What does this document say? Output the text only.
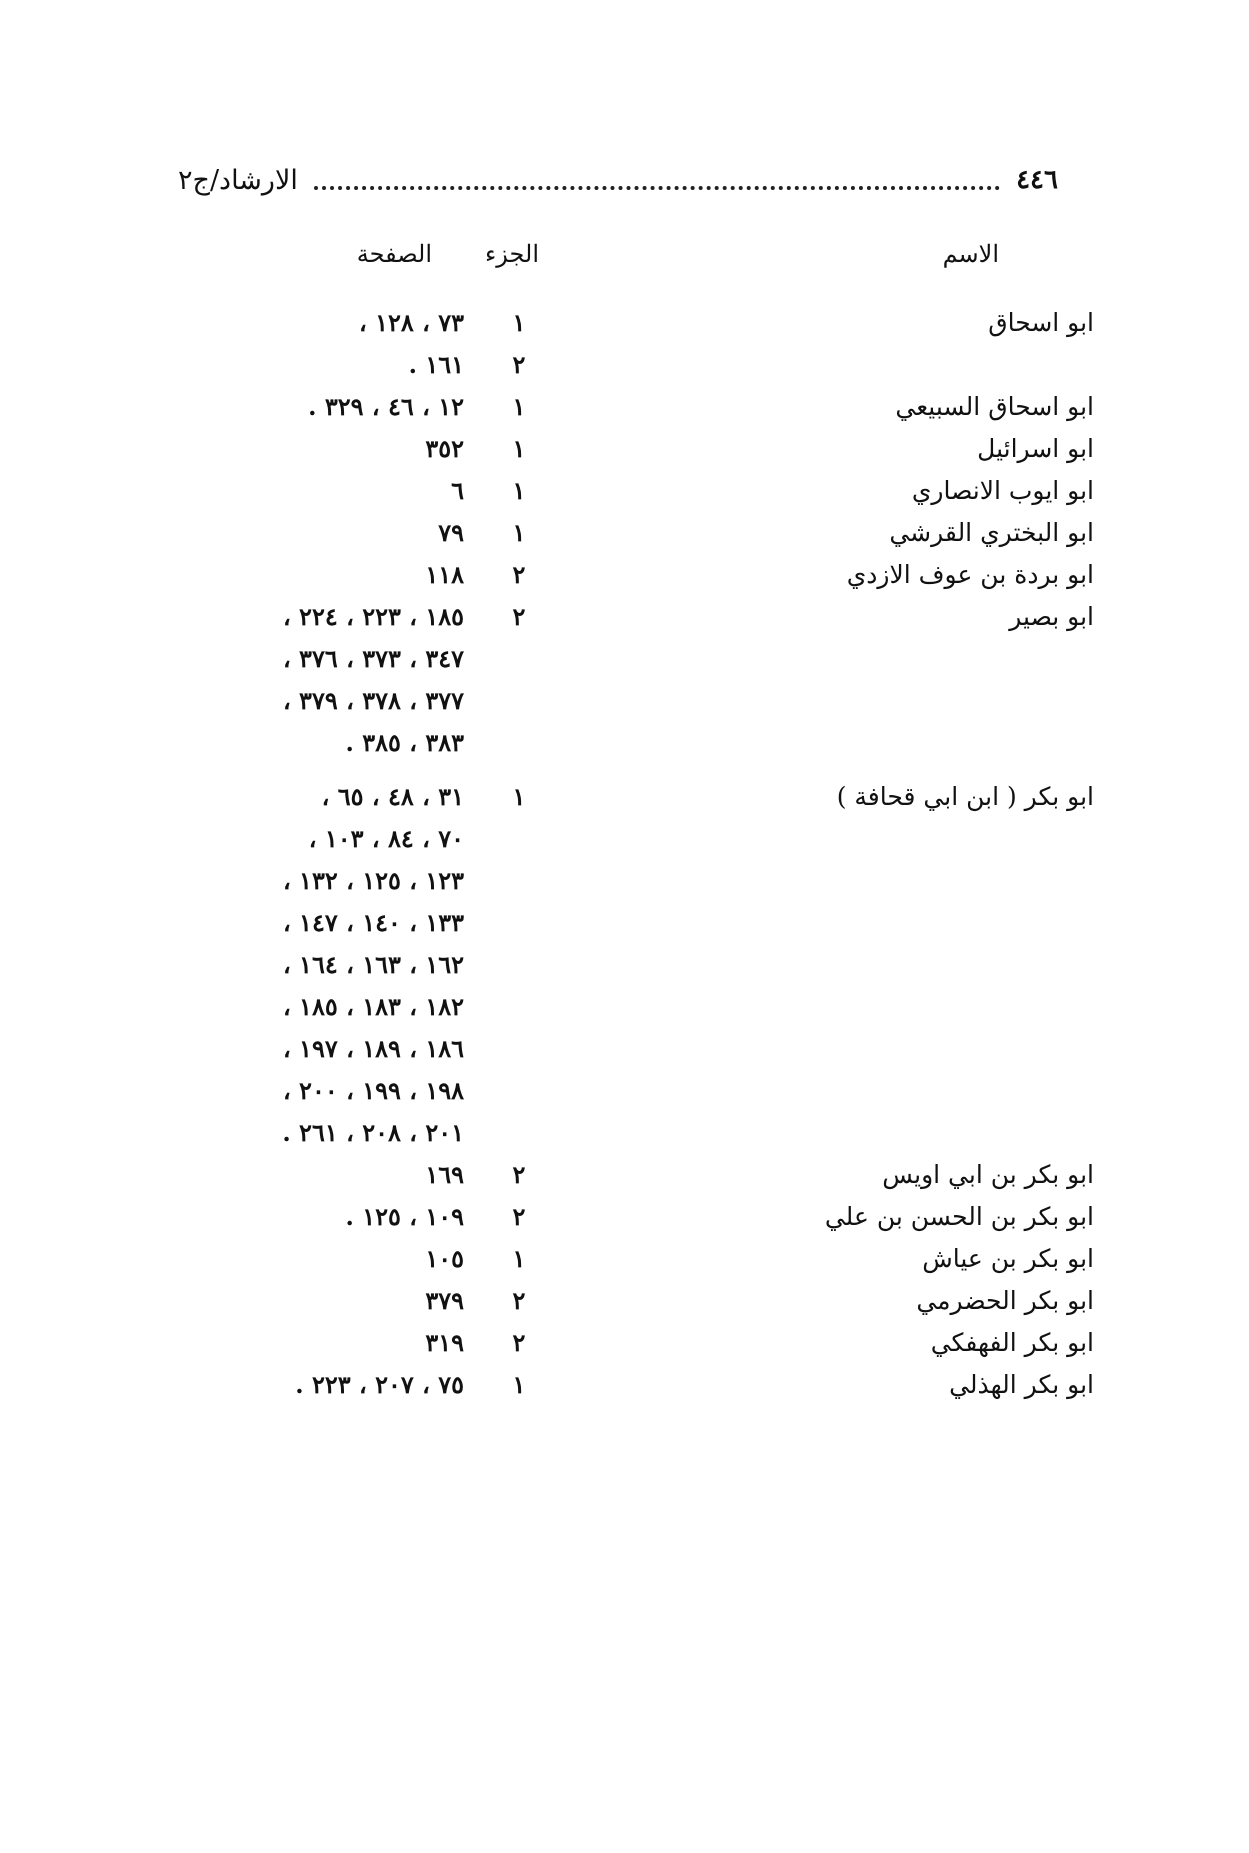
٤٤٦
الارشاد/ج٢
الاسم
الجزء
الصفحة
ابو اسحاق
١
٧٣ ، ١٢٨ ،
٢
١٦١ .
ابو اسحاق السبيعي
١
١٢ ، ٤٦ ، ٣٢٩ .
ابو اسرائيل
١
٣٥٢
ابو ايوب الانصاري
١
٦
ابو البختري القرشي
١
٧٩
ابو بردة بن عوف الازدي
٢
١١٨
ابو بصير
٢
١٨٥ ، ٢٢٣ ، ٢٢٤ ،
٣٤٧ ، ٣٧٣ ، ٣٧٦ ،
٣٧٧ ، ٣٧٨ ، ٣٧٩ ،
٣٨٣ ، ٣٨٥ .
ابو بكر ( ابن ابي قحافة )
١
٣١ ، ٤٨ ، ٦٥ ،
٧٠ ، ٨٤ ، ١٠٣ ،
١٢٣ ، ١٢٥ ، ١٣٢ ،
١٣٣ ، ١٤٠ ، ١٤٧ ،
١٦٢ ، ١٦٣ ، ١٦٤ ،
١٨٢ ، ١٨٣ ، ١٨٥ ،
١٨٦ ، ١٨٩ ، ١٩٧ ،
١٩٨ ، ١٩٩ ، ٢٠٠ ،
٢٠١ ، ٢٠٨ ، ٢٦١ .
ابو بكر بن ابي اويس
٢
١٦٩
ابو بكر بن الحسن بن علي
٢
١٠٩ ، ١٢٥ .
ابو بكر بن عياش
١
١٠٥
ابو بكر الحضرمي
٢
٣٧٩
ابو بكر الفهفكي
٢
٣١٩
ابو بكر الهذلي
١
٧٥ ، ٢٠٧ ، ٢٢٣ .
